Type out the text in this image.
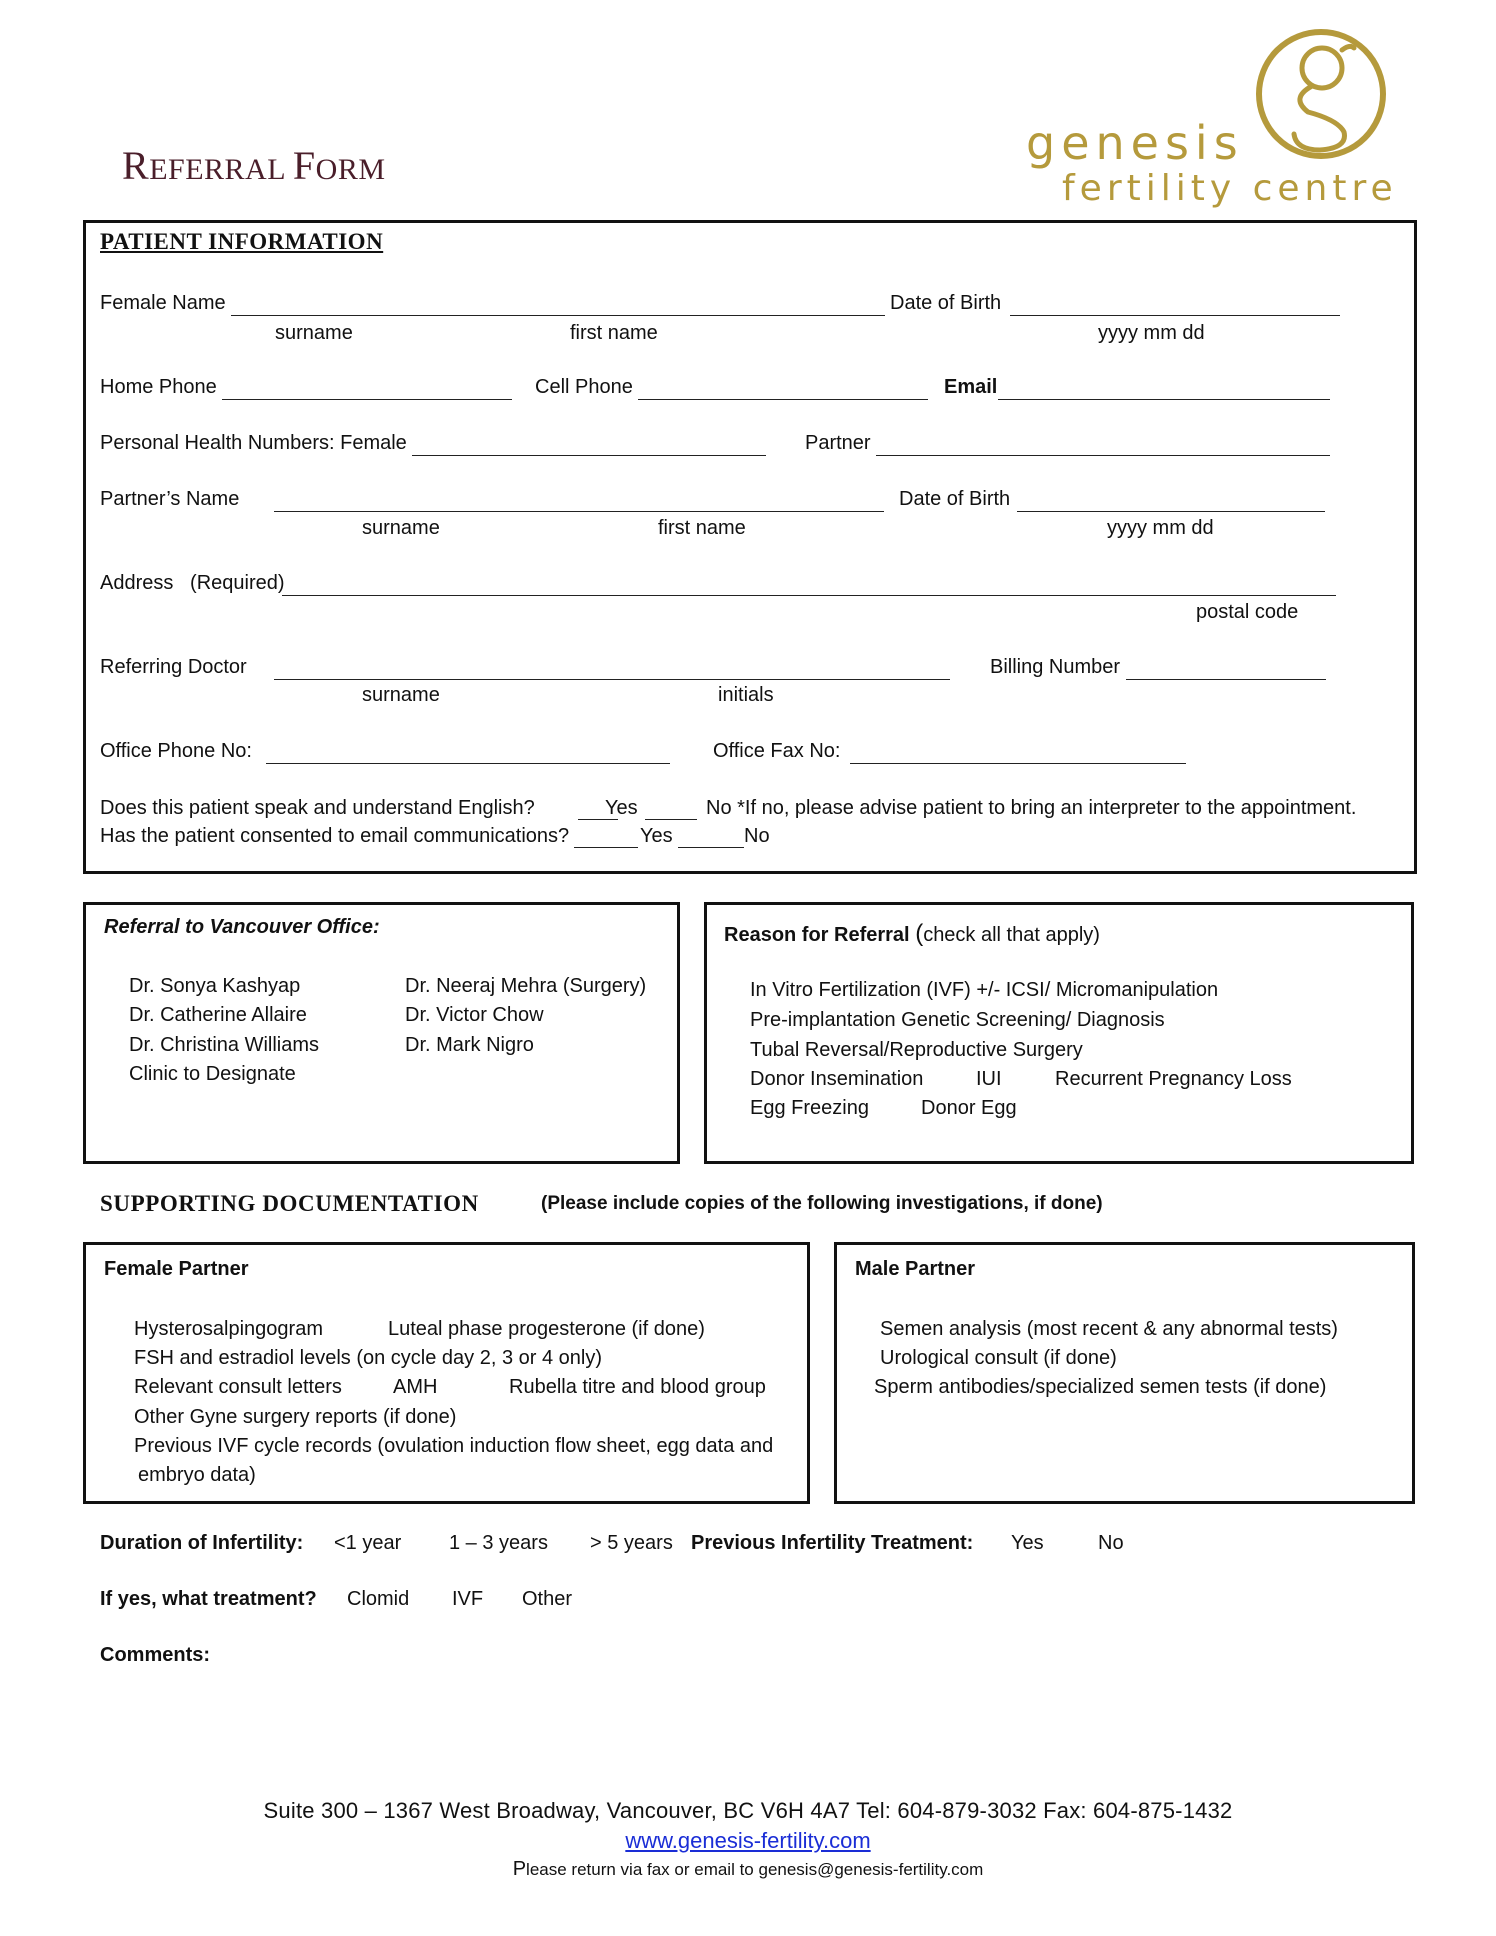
REFERRAL FORM	genesis
fertility centre
PATIENT INFORMATION
Female Name	Date of Birth
surname	first name	yyyy mm dd
Home Phone	Cell Phone	Email
Personal Health Numbers: Female	Partner
Partner’s Name	Date of Birth
surname	first name	yyyy mm dd
Address   (Required)
postal code
Referring Doctor	Billing Number
surname	initials
Office Phone No:	Office Fax No:
Does this patient speak and understand English?	Yes	No *If no, please advise patient to bring an interpreter to the appointment.
Has the patient consented to email communications?	Yes	No
Referral to Vancouver Office:
Dr. Sonya Kashyap
Dr. Catherine Allaire
Dr. Christina Williams
Clinic to Designate
Dr. Neeraj Mehra (Surgery)
Dr. Victor Chow
Dr. Mark Nigro
Reason for Referral (check all that apply)
In Vitro Fertilization (IVF) +/- ICSI/ Micromanipulation
Pre-implantation Genetic Screening/ Diagnosis
Tubal Reversal/Reproductive Surgery
Donor Insemination	IUI	Recurrent Pregnancy Loss
Egg Freezing	Donor Egg
SUPPORTING DOCUMENTATION	(Please include copies of the following investigations, if done)
Female Partner
Hysterosalpingogram	Luteal phase progesterone (if done)
FSH and estradiol levels (on cycle day 2, 3 or 4 only)
Relevant consult letters	AMH	Rubella titre and blood group
Other Gyne surgery reports (if done)
Previous IVF cycle records (ovulation induction flow sheet, egg data and
embryo data)
Male Partner
Semen analysis (most recent & any abnormal tests)
Urological consult (if done)
Sperm antibodies/specialized semen tests (if done)
Duration of Infertility: <1 year 1 – 3 years > 5 years Previous Infertility Treatment: Yes	No
If yes, what treatment? Clomid IVF Other
Comments:
Suite 300 – 1367 West Broadway, Vancouver, BC V6H 4A7 Tel: 604-879-3032 Fax: 604-875-1432
www.genesis-fertility.com
Please return via fax or email to genesis@genesis-fertility.com
